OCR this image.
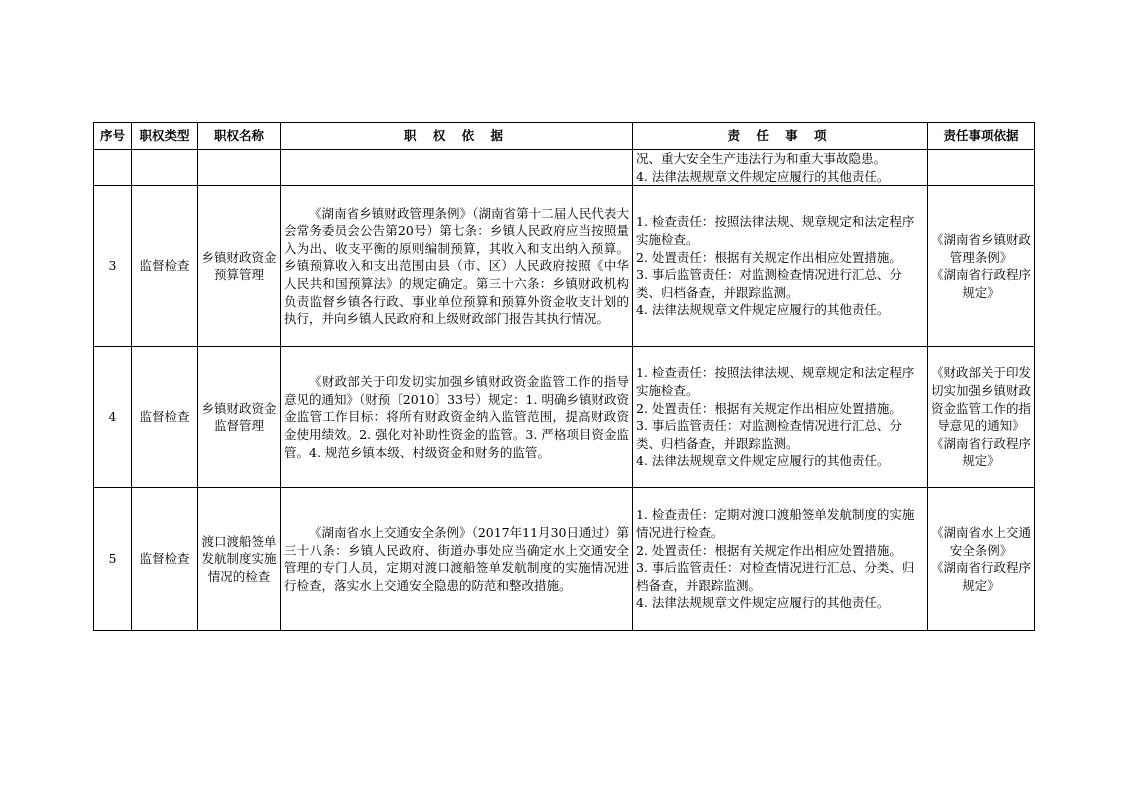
序号	职权类型	职权名称	职 权 依 据	责 任 事 项	责任事项依据

				况、重大安全生产违法行为和重大事故隐患。
4. 法律法规规章文件规定应履行的其他责任。	

3	监督检查	乡镇财政资金预算管理	《湖南省乡镇财政管理条例》（湖南省第十二届人民代表大会常务委员会公告第20号）第七条：乡镇人民政府应当按照量入为出、收支平衡的原则编制预算，其收入和支出纳入预算。乡镇预算收入和支出范围由县（市、区）人民政府按照《中华人民共和国预算法》的规定确定。第三十六条：乡镇财政机构负责监督乡镇各行政、事业单位预算和预算外资金收支计划的执行，并向乡镇人民政府和上级财政部门报告其执行情况。	1. 检查责任：按照法律法规、规章规定和法定程序实施检查。
2. 处置责任：根据有关规定作出相应处置措施。
3. 事后监管责任：对监测检查情况进行汇总、分类、归档备查，并跟踪监测。
4. 法律法规规章文件规定应履行的其他责任。	《湖南省乡镇财政管理条例》
《湖南省行政程序规定》

4	监督检查	乡镇财政资金监督管理	《财政部关于印发切实加强乡镇财政资金监管工作的指导意见的通知》（财预〔2010〕33号）规定：1. 明确乡镇财政资金监管工作目标：将所有财政资金纳入监管范围，提高财政资金使用绩效。2. 强化对补助性资金的监管。3. 严格项目资金监管。4. 规范乡镇本级、村级资金和财务的监管。	1. 检查责任：按照法律法规、规章规定和法定程序实施检查。
2. 处置责任：根据有关规定作出相应处置措施。
3. 事后监管责任：对监测检查情况进行汇总、分类、归档备查，并跟踪监测。
4. 法律法规规章文件规定应履行的其他责任。	《财政部关于印发切实加强乡镇财政资金监管工作的指导意见的通知》
《湖南省行政程序规定》

5	监督检查	渡口渡船签单发航制度实施情况的检查	《湖南省水上交通安全条例》（2017年11月30日通过）第三十八条：乡镇人民政府、街道办事处应当确定水上交通安全管理的专门人员，定期对渡口渡船签单发航制度的实施情况进行检查，落实水上交通安全隐患的防范和整改措施。	1. 检查责任：定期对渡口渡船签单发航制度的实施情况进行检查。
2. 处置责任：根据有关规定作出相应处置措施。
3. 事后监管责任：对检查情况进行汇总、分类、归档备查，并跟踪监测。
4. 法律法规规章文件规定应履行的其他责任。	《湖南省水上交通安全条例》
《湖南省行政程序规定》
